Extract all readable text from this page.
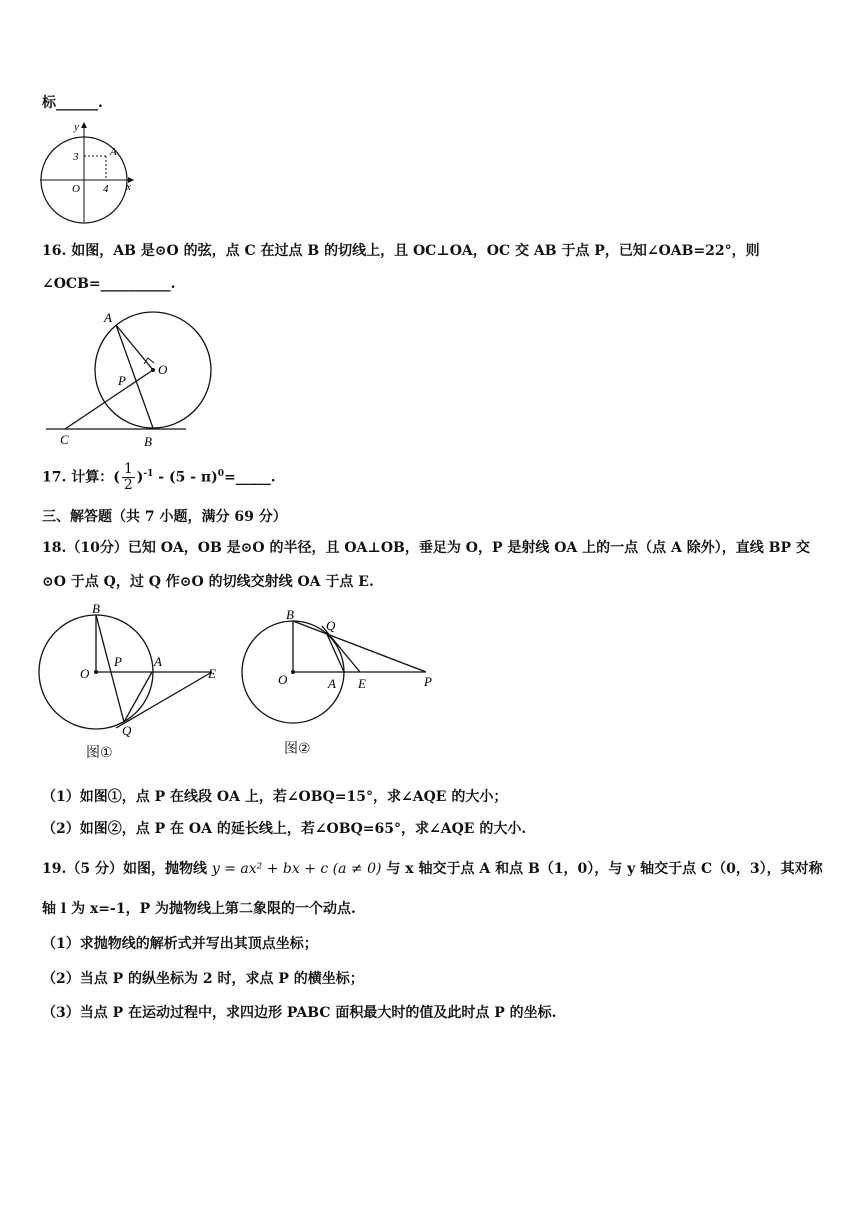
标______.
y
x
3
4
O
A
16. 如图，AB 是⊙O 的弦，点 C 在过点 B 的切线上，且 OC⊥OA，OC 交 AB 于点 P，已知∠OAB=22°，则
∠OCB=__________.
A
O
P
C	B
17. 计算：( $\frac{1}{2} )^{-1} - (5$ - π)$^0$=_____.
三、解答题（共 7 小题，满分 69 分）
18.（10分）已知 OA，OB 是⊙O 的半径，且 OA⊥OB，垂足为 O，P 是射线 OA 上的一点（点 A 除外），直线 BP 交
⊙O 于点 Q，过 Q 作⊙O 的切线交射线 OA 于点 E.
B
O
P A
E
Q
图①
B
Q
O	A E	P
图②
（1）如图①，点 P 在线段 OA 上，若∠OBQ=15°，求∠AQE 的大小；
（2）如图②，点 P 在 OA 的延长线上，若∠OBQ=65°，求∠AQE 的大小.
19.（5 分）如图，抛物线 y = ax² + bx + c (a ≠ 0) 与 x 轴交于点 A 和点 B（1，0），与 y 轴交于点 C（0，3），其对称
轴 l 为 x=-1，P 为抛物线上第二象限的一个动点.
（1）求抛物线的解析式并写出其顶点坐标；
（2）当点 P 的纵坐标为 2 时，求点 P 的横坐标；
（3）当点 P 在运动过程中，求四边形 PABC 面积最大时的值及此时点 P 的坐标.
